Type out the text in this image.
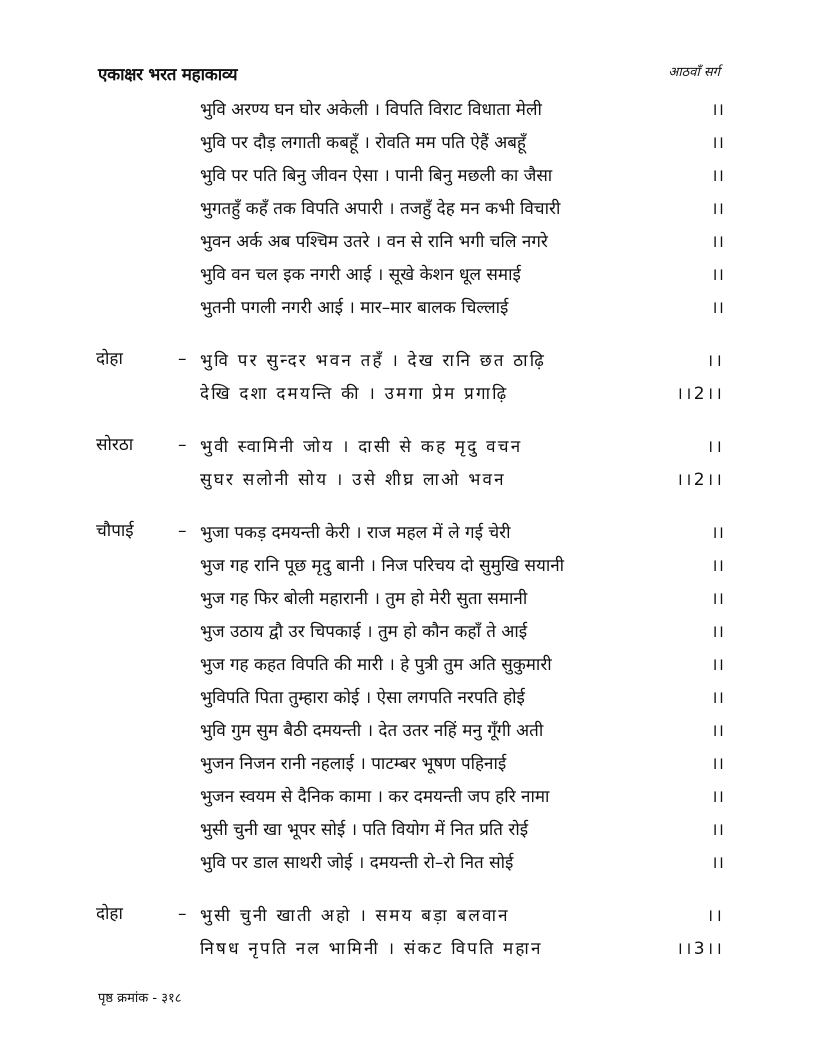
एकाक्षर भरत महाकाव्य	आठवाँ सर्ग
भुवि अरण्य घन घोर अकेली । विपति विराट विधाता मेली	।।
भुवि पर दौड़ लगाती कबहूँ । रोवति मम पति ऐहैं अबहूँ	।।
भुवि पर पति बिनु जीवन ऐसा । पानी बिनु मछली का जैसा	।।
भुगतहुँ कहँ तक विपति अपारी । तजहुँ देह मन कभी विचारी	।।
भुवन अर्क अब पश्चिम उतरे । वन से रानि भगी चलि नगरे	।।
भुवि वन चल इक नगरी आई । सूखे केशन धूल समाई	।।
भुतनी पगली नगरी आई । मार–मार बालक चिल्लाई	।।
दोहा	– भुवि पर सुन्दर भवन तहँ । देख रानि छत ठाढ़ि	।।
देखि दशा दमयन्ति की । उमगा प्रेम प्रगाढ़ि	।।2।।
सोरठा	– भुवी स्वामिनी जोय । दासी से कह मृदु वचन	।।
सुघर सलोनी सोय । उसे शीघ्र लाओ भवन	।।2।।
चौपाई	– भुजा पकड़ दमयन्ती केरी । राज महल में ले गई चेरी	।।
भुज गह रानि पूछ मृदु बानी । निज परिचय दो सुमुखि सयानी	।।
भुज गह फिर बोली महारानी । तुम हो मेरी सुता समानी	।।
भुज उठाय द्वौ उर चिपकाई । तुम हो कौन कहाँ ते आई	।।
भुज गह कहत विपति की मारी । हे पुत्री तुम अति सुकुमारी	।।
भुविपति पिता तुम्हारा कोई । ऐसा लगपति नरपति होई	।।
भुवि गुम सुम बैठी दमयन्ती । देत उतर नहिं मनु गूँगी अती	।।
भुजन निजन रानी नहलाई । पाटम्बर भूषण पहिनाई	।।
भुजन स्वयम से दैनिक कामा । कर दमयन्ती जप हरि नामा	।।
भुसी चुनी खा भूपर सोई । पति वियोग में नित प्रति रोई	।।
भुवि पर डाल साथरी जोई । दमयन्ती रो–रो नित सोई	।।
दोहा	– भुसी चुनी खाती अहो । समय बड़ा बलवान	।।
निषध नृपति नल भामिनी । संकट विपति महान	।।3।।
पृष्ठ क्रमांक - ३१८
